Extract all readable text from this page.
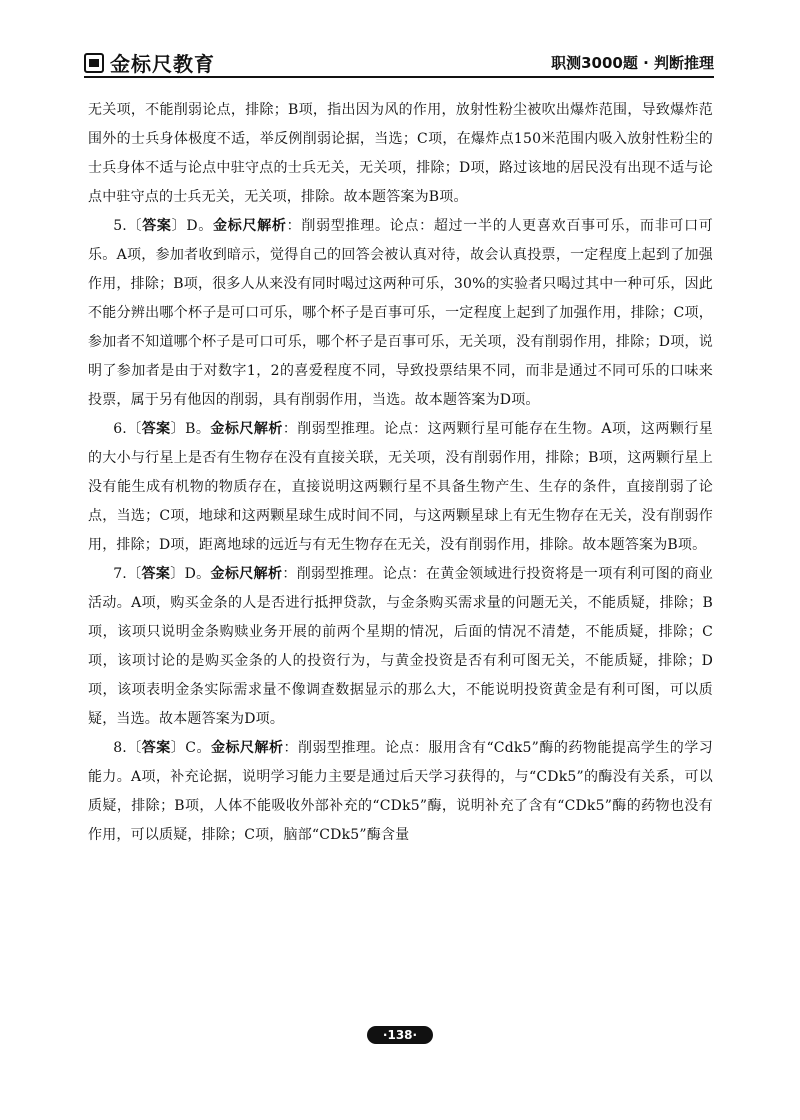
金标尺教育	职测3000题 · 判断推理

无关项，不能削弱论点，排除；B项，指出因为风的作用，放射性粉尘被吹出爆炸范围，导致爆炸范围外的士兵身体极度不适，举反例削弱论据，当选；C项，在爆炸点150米范围内吸入放射性粉尘的士兵身体不适与论点中驻守点的士兵无关，无关项，排除；D项，路过该地的居民没有出现不适与论点中驻守点的士兵无关，无关项，排除。故本题答案为B项。

5.〔答案〕D。金标尺解析：削弱型推理。论点：超过一半的人更喜欢百事可乐，而非可口可乐。A项，参加者收到暗示，觉得自己的回答会被认真对待，故会认真投票，一定程度上起到了加强作用，排除；B项，很多人从来没有同时喝过这两种可乐，30%的实验者只喝过其中一种可乐，因此不能分辨出哪个杯子是可口可乐，哪个杯子是百事可乐，一定程度上起到了加强作用，排除；C项，参加者不知道哪个杯子是可口可乐，哪个杯子是百事可乐，无关项，没有削弱作用，排除；D项，说明了参加者是由于对数字1，2的喜爱程度不同，导致投票结果不同，而非是通过不同可乐的口味来投票，属于另有他因的削弱，具有削弱作用，当选。故本题答案为D项。

6.〔答案〕B。金标尺解析：削弱型推理。论点：这两颗行星可能存在生物。A项，这两颗行星的大小与行星上是否有生物存在没有直接关联，无关项，没有削弱作用，排除；B项，这两颗行星上没有能生成有机物的物质存在，直接说明这两颗行星不具备生物产生、生存的条件，直接削弱了论点，当选；C项，地球和这两颗星球生成时间不同，与这两颗星球上有无生物存在无关，没有削弱作用，排除；D项，距离地球的远近与有无生物存在无关，没有削弱作用，排除。故本题答案为B项。

7.〔答案〕D。金标尺解析：削弱型推理。论点：在黄金领域进行投资将是一项有利可图的商业活动。A项，购买金条的人是否进行抵押贷款，与金条购买需求量的问题无关，不能质疑，排除；B项，该项只说明金条购赎业务开展的前两个星期的情况，后面的情况不清楚，不能质疑，排除；C项，该项讨论的是购买金条的人的投资行为，与黄金投资是否有利可图无关，不能质疑，排除；D项，该项表明金条实际需求量不像调查数据显示的那么大，不能说明投资黄金是有利可图，可以质疑，当选。故本题答案为D项。

8.〔答案〕C。金标尺解析：削弱型推理。论点：服用含有“Cdk5”酶的药物能提高学生的学习能力。A项，补充论据，说明学习能力主要是通过后天学习获得的，与“CDk5”的酶没有关系，可以质疑，排除；B项，人体不能吸收外部补充的“CDk5”酶，说明补充了含有“CDk5”酶的药物也没有作用，可以质疑，排除；C项，脑部“CDk5”酶含量

·138·
